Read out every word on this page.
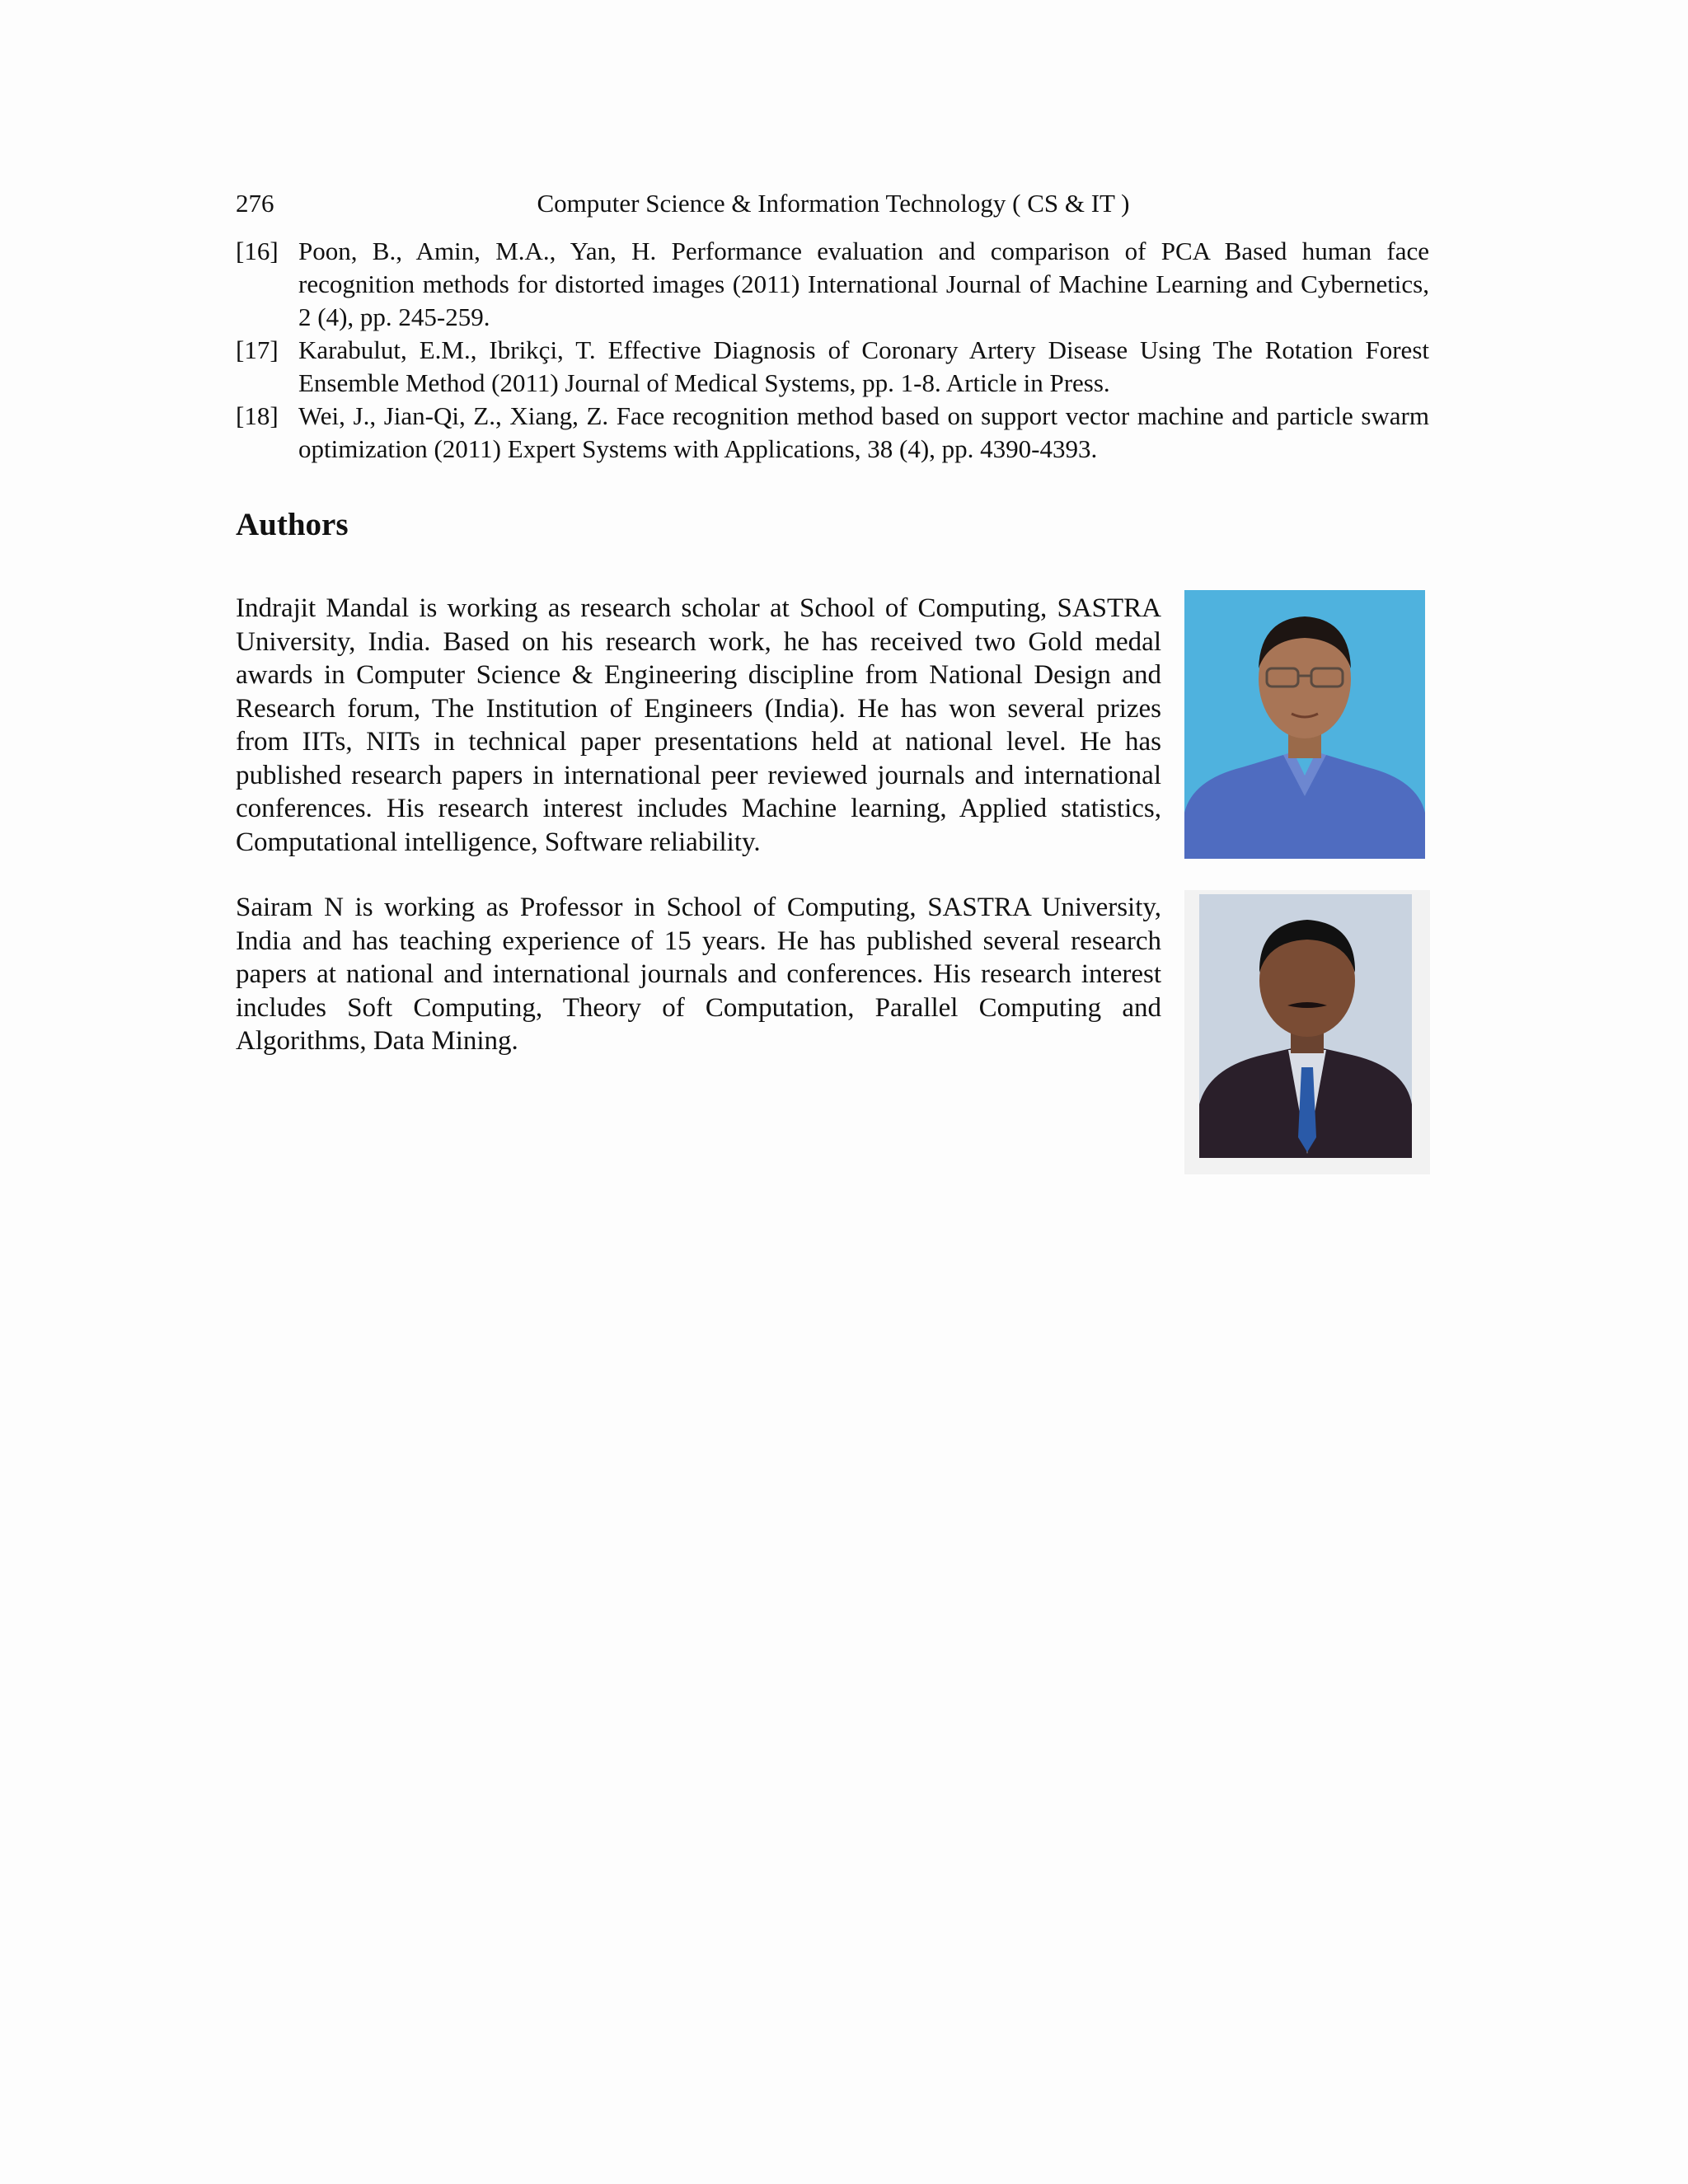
276	Computer Science & Information Technology ( CS & IT )
[16] Poon, B., Amin, M.A., Yan, H. Performance evaluation and comparison of PCA Based human face recognition methods for distorted images (2011) International Journal of Machine Learning and Cybernetics, 2 (4), pp. 245-259.
[17] Karabulut, E.M., Ibrikçi, T. Effective Diagnosis of Coronary Artery Disease Using The Rotation Forest Ensemble Method (2011) Journal of Medical Systems, pp. 1-8. Article in Press.
[18] Wei, J., Jian-Qi, Z., Xiang, Z. Face recognition method based on support vector machine and particle swarm optimization (2011) Expert Systems with Applications, 38 (4), pp. 4390-4393.
Authors

Indrajit Mandal is working as research scholar at School of Computing, SASTRA University, India. Based on his research work, he has received two Gold medal awards in Computer Science & Engineering discipline from National Design and Research forum, The Institution of Engineers (India). He has won several prizes from IITs, NITs in technical paper presentations held at national level. He has published research papers in international peer reviewed journals and international conferences. His research interest includes Machine learning, Applied statistics, Computational intelligence, Software reliability.

Sairam N is working as Professor in School of Computing, SASTRA University, India and has teaching experience of 15 years. He has published several research papers at national and international journals and conferences. His research interest includes Soft Computing, Theory of Computation, Parallel Computing and Algorithms, Data Mining.
